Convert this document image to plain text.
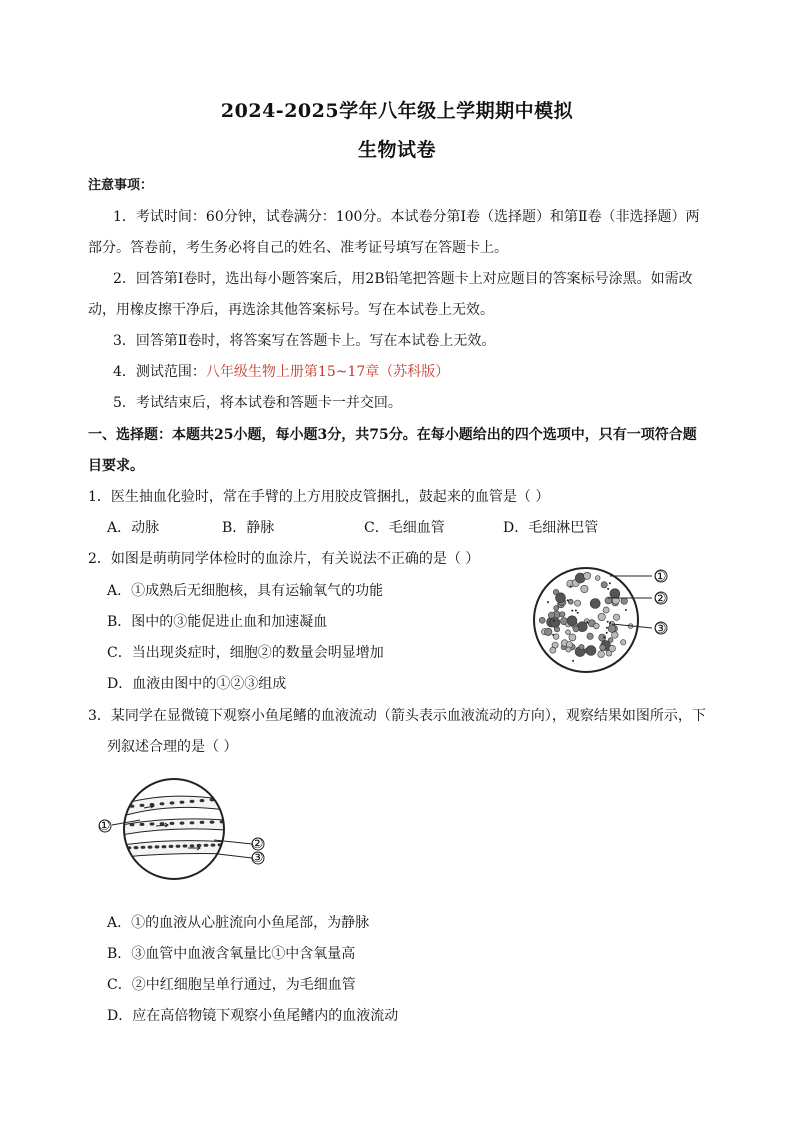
2024-2025学年八年级上学期期中模拟
生物试卷
注意事项：
1．考试时间：60分钟，试卷满分：100分。本试卷分第Ⅰ卷（选择题）和第Ⅱ卷（非选择题）两
部分。答卷前，考生务必将自己的姓名、准考证号填写在答题卡上。
2．回答第Ⅰ卷时，选出每小题答案后，用2B铅笔把答题卡上对应题目的答案标号涂黑。如需改
动，用橡皮擦干净后，再选涂其他答案标号。写在本试卷上无效。
3．回答第Ⅱ卷时，将答案写在答题卡上。写在本试卷上无效。
4．测试范围：八年级生物上册第15~17章（苏科版）
5．考试结束后，将本试卷和答题卡一并交回。
一、选择题：本题共25小题，每小题3分，共75分。在每小题给出的四个选项中，只有一项符合题
目要求。
1．医生抽血化验时，常在手臂的上方用胶皮管捆扎，鼓起来的血管是（ ）
A．动脉	B．静脉	C．毛细血管	D．毛细淋巴管
2．如图是萌萌同学体检时的血涂片，有关说法不正确的是（ ）
A．①成熟后无细胞核，具有运输氧气的功能
B．图中的③能促进止血和加速凝血
C．当出现炎症时，细胞②的数量会明显增加
D．血液由图中的①②③组成
①
②
③
3．某同学在显微镜下观察小鱼尾鳍的血液流动（箭头表示血液流动的方向），观察结果如图所示，下
列叙述合理的是（ ）
①
②
③
A．①的血液从心脏流向小鱼尾部，为静脉
B．③血管中血液含氧量比①中含氧量高
C．②中红细胞呈单行通过，为毛细血管
D．应在高倍物镜下观察小鱼尾鳍内的血液流动
